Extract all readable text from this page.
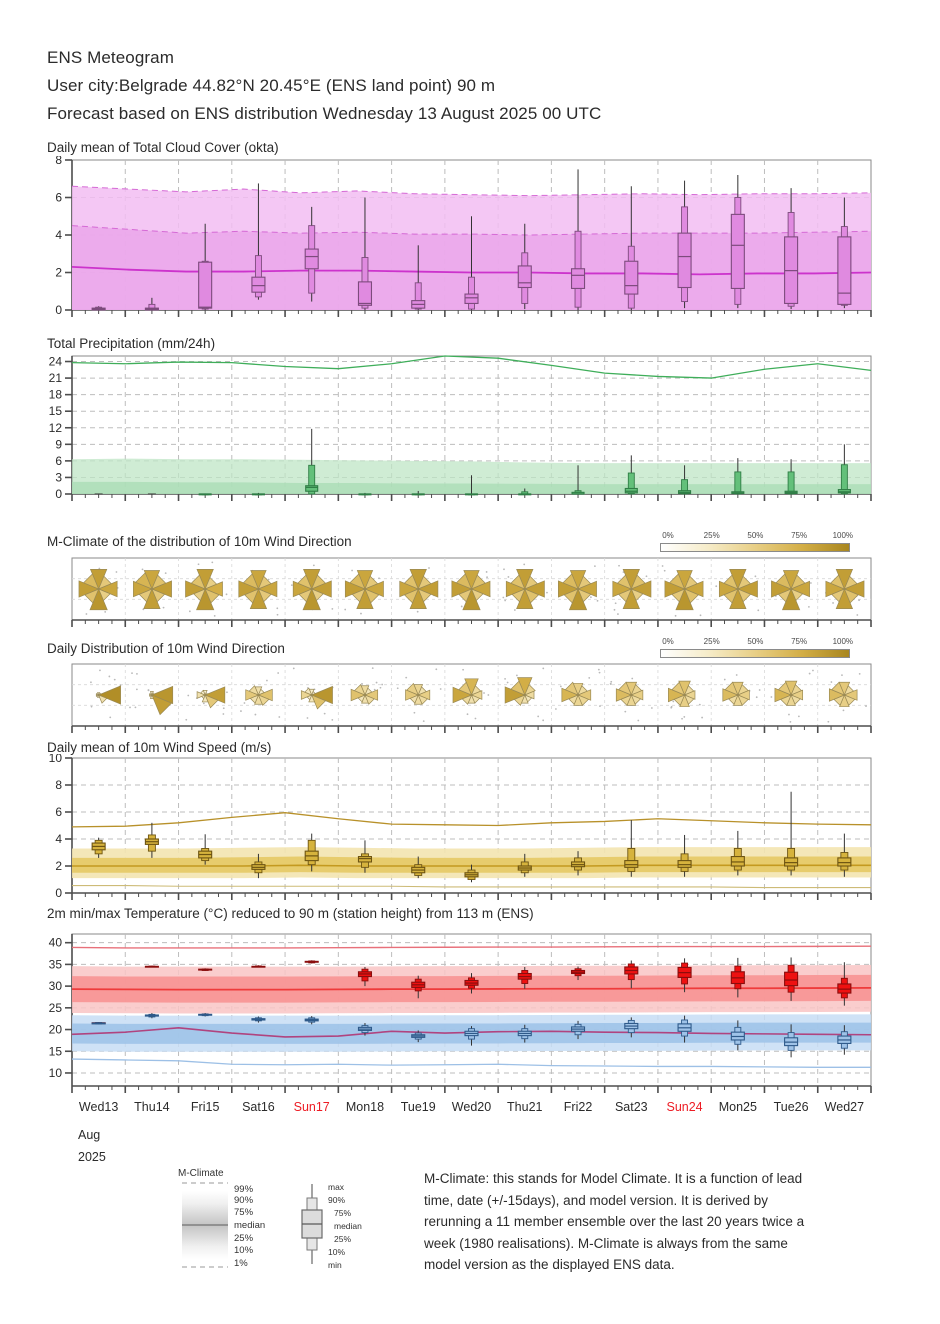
ENS Meteogram
User city:Belgrade 44.82°N 20.45°E (ENS land point) 90 m
Forecast based on ENS distribution Wednesday 13 August 2025 00 UTC
Daily mean of Total Cloud Cover (okta)
0
2
4
6
8
Total Precipitation (mm/24h)
0
3
6
9
12
15
18
21
24
M-Climate of the distribution of 10m Wind Direction	0%	25%	50%	75%	100%
Daily Distribution of 10m Wind Direction	0%	25%	50%	75%	100%
Daily mean of 10m Wind Speed (m/s)
0
2
4
6
8
10
2m min/max Temperature (°C) reduced to 90 m (station height) from 113 m (ENS)
10
15
20
25
30
35
40
Wed13 Thu14 Fri15 Sat16 Sun17 Mon18 Tue19 Wed20 Thu21 Fri22 Sat23 Sun24 Mon25 Tue26 Wed27
Aug
2025
M-Climate
99%
90%
75%
median
25%
10%
1%
max
90%
75%
median
25%
10%
min
M-Climate: this stands for Model Climate. It is a function of lead time, date (+/-15days), and model version. It is derived by rerunning a 11 member ensemble over the last 20 years twice a week (1980 realisations). M-Climate is always from the same model version as the displayed ENS data.
